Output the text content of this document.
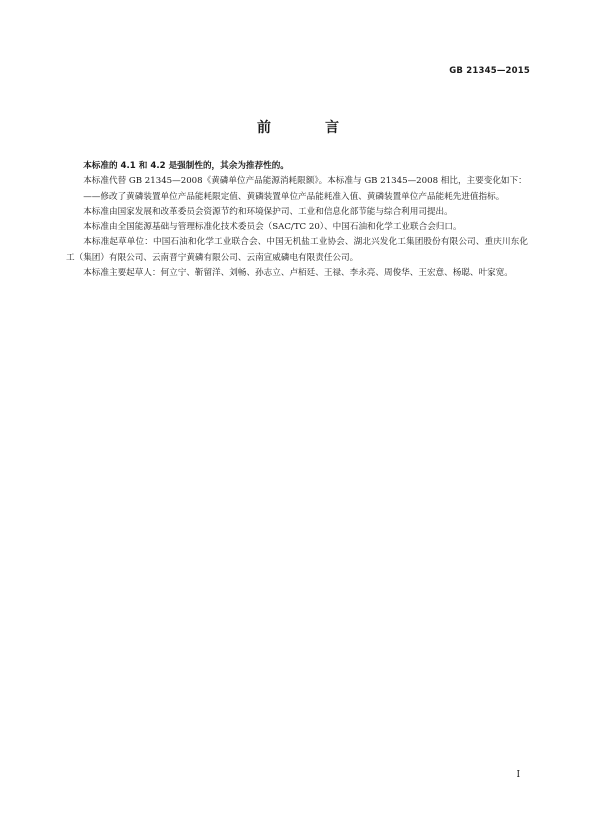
GB 21345—2015
前　言

本标准的 4.1 和 4.2 是强制性的，其余为推荐性的。

本标准代替 GB 21345—2008《黄磷单位产品能源消耗限额》。本标准与 GB 21345—2008 相比，主要变化如下：

——修改了黄磷装置单位产品能耗限定值、黄磷装置单位产品能耗准入值、黄磷装置单位产品能耗先进值指标。

本标准由国家发展和改革委员会资源节约和环境保护司、工业和信息化部节能与综合利用司提出。

本标准由全国能源基础与管理标准化技术委员会（SAC/TC 20）、中国石油和化学工业联合会归口。

本标准起草单位：中国石油和化学工业联合会、中国无机盐工业协会、湖北兴发化工集团股份有限公司、重庆川东化工（集团）有限公司、云南晋宁黄磷有限公司、云南宣威磷电有限责任公司。

本标准主要起草人：何立宁、靳留洋、刘畅、孙志立、卢栢廷、王禄、李永亮、周俊华、王宏意、杨聪、叶家宽。

I
